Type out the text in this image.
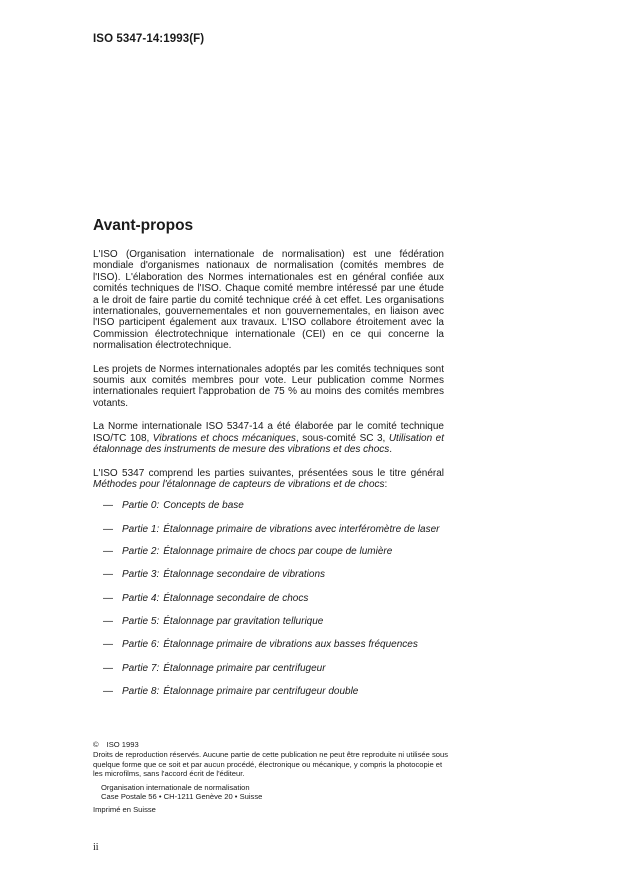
ISO 5347-14:1993(F)
Avant-propos

L'ISO (Organisation internationale de normalisation) est une fédération mondiale d'organismes nationaux de normalisation (comités membres de l'ISO). L'élaboration des Normes internationales est en général confiée aux comités techniques de l'ISO. Chaque comité membre intéressé par une étude a le droit de faire partie du comité technique créé à cet effet. Les organisations internationales, gouvernementales et non gouvernementales, en liaison avec l'ISO participent également aux travaux. L'ISO collabore étroitement avec la Commission électrotechnique internationale (CEI) en ce qui concerne la normalisation électrotechnique.

Les projets de Normes internationales adoptés par les comités techniques sont soumis aux comités membres pour vote. Leur publication comme Normes internationales requiert l'approbation de 75 % au moins des comités membres votants.

La Norme internationale ISO 5347-14 a été élaborée par le comité technique ISO/TC 108, Vibrations et chocs mécaniques, sous-comité SC 3, Utilisation et étalonnage des instruments de mesure des vibrations et des chocs.

L'ISO 5347 comprend les parties suivantes, présentées sous le titre général Méthodes pour l'étalonnage de capteurs de vibrations et de chocs:

— Partie 0: Concepts de base
— Partie 1: Étalonnage primaire de vibrations avec interféromètre de laser
— Partie 2: Étalonnage primaire de chocs par coupe de lumière
— Partie 3: Étalonnage secondaire de vibrations
— Partie 4: Étalonnage secondaire de chocs
— Partie 5: Étalonnage par gravitation tellurique
— Partie 6: Étalonnage primaire de vibrations aux basses fréquences
— Partie 7: Étalonnage primaire par centrifugeur
— Partie 8: Étalonnage primaire par centrifugeur double

© ISO 1993

Droits de reproduction réservés. Aucune partie de cette publication ne peut être reproduite ni utilisée sous quelque forme que ce soit et par aucun procédé, électronique ou mécanique, y compris la photocopie et les microfilms, sans l'accord écrit de l'éditeur.

Organisation internationale de normalisation
Case Postale 56 • CH-1211 Genève 20 • Suisse

Imprimé en Suisse

ii
